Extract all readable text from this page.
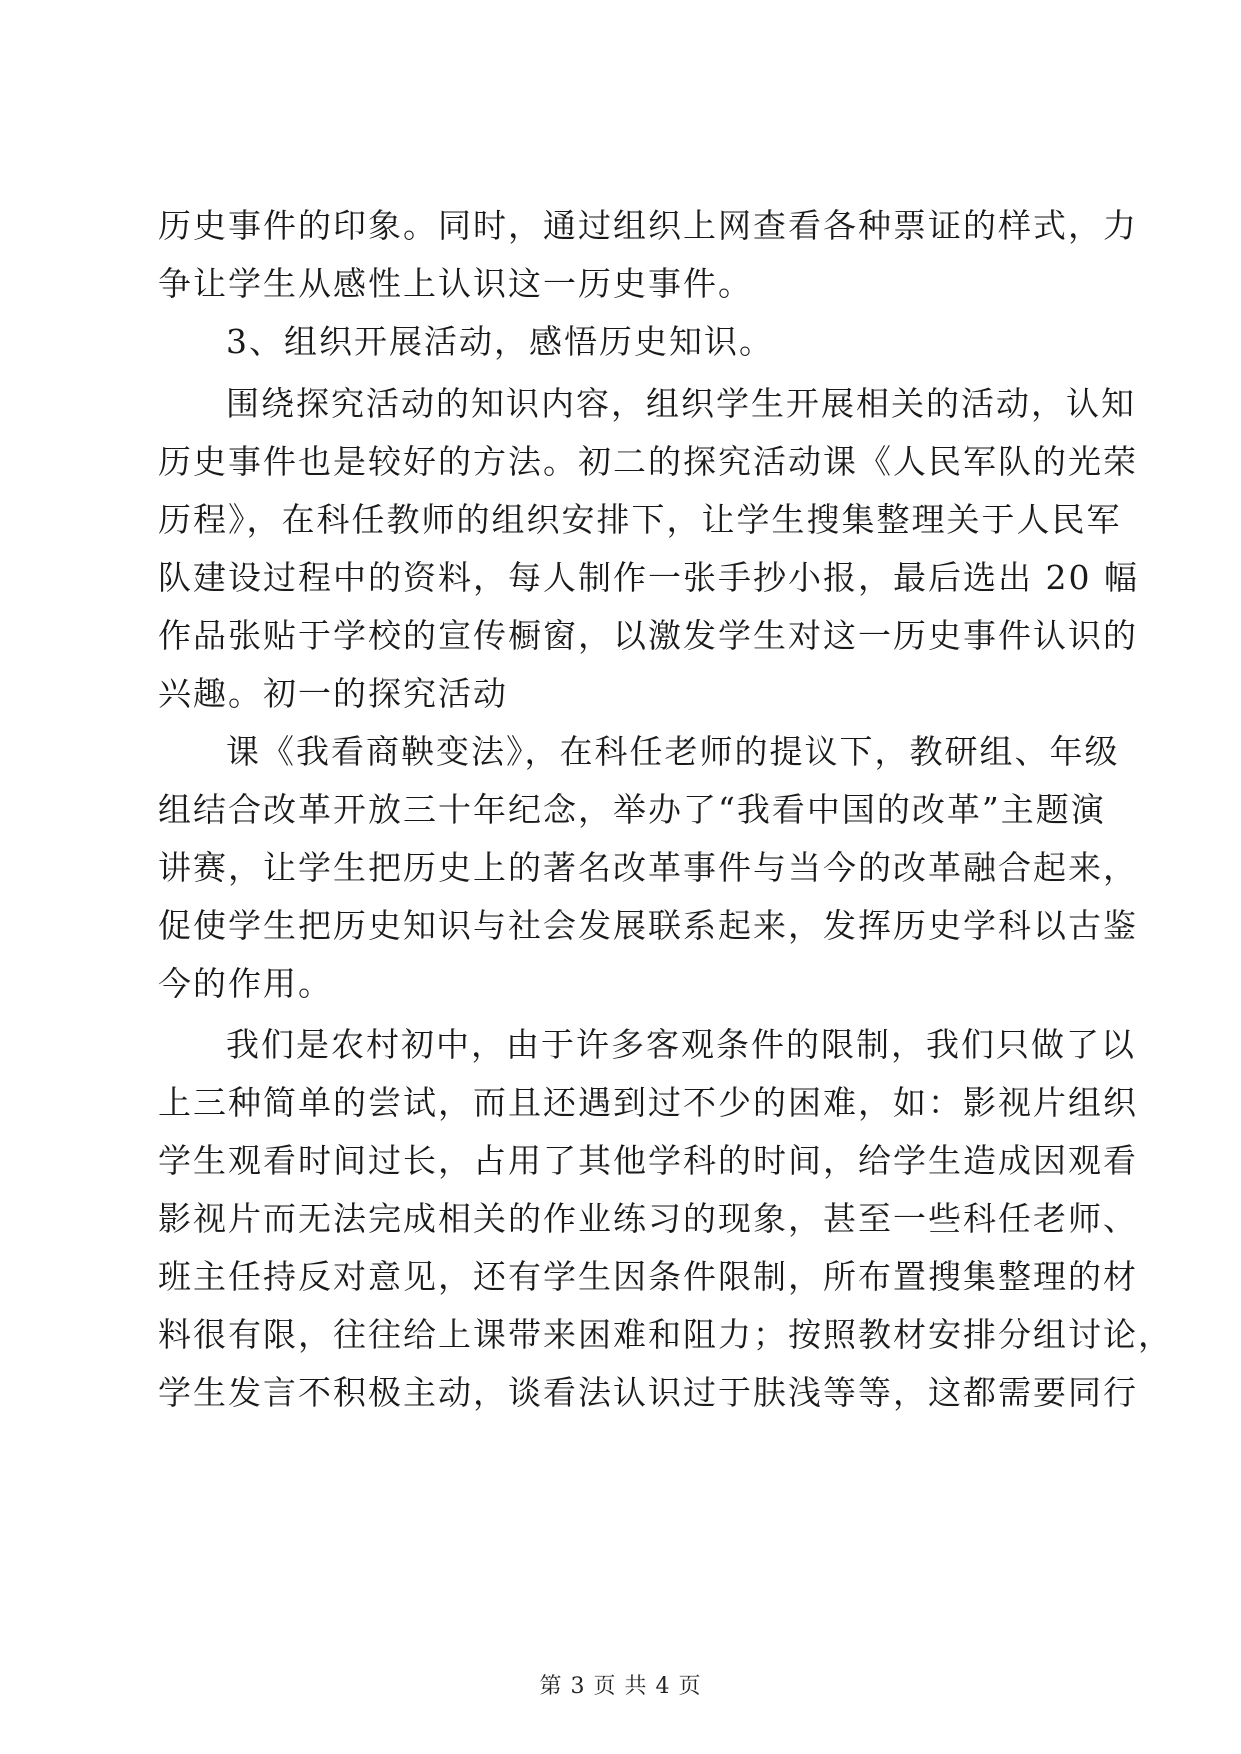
历史事件的印象。同时，通过组织上网查看各种票证的样式，力
争让学生从感性上认识这一历史事件。
3、组织开展活动，感悟历史知识。
围绕探究活动的知识内容，组织学生开展相关的活动，认知
历史事件也是较好的方法。初二的探究活动课《人民军队的光荣
历程》，在科任教师的组织安排下，让学生搜集整理关于人民军
队建设过程中的资料，每人制作一张手抄小报，最后选出 20 幅
作品张贴于学校的宣传橱窗，以激发学生对这一历史事件认识的
兴趣。初一的探究活动
课《我看商鞅变法》，在科任老师的提议下，教研组、年级
组结合改革开放三十年纪念，举办了“我看中国的改革”主题演
讲赛，让学生把历史上的著名改革事件与当今的改革融合起来，
促使学生把历史知识与社会发展联系起来，发挥历史学科以古鉴
今的作用。
我们是农村初中，由于许多客观条件的限制，我们只做了以
上三种简单的尝试，而且还遇到过不少的困难，如：影视片组织
学生观看时间过长，占用了其他学科的时间，给学生造成因观看
影视片而无法完成相关的作业练习的现象，甚至一些科任老师、
班主任持反对意见，还有学生因条件限制，所布置搜集整理的材
料很有限，往往给上课带来困难和阻力；按照教材安排分组讨论，
学生发言不积极主动，谈看法认识过于肤浅等等，这都需要同行
第 3 页 共 4 页
